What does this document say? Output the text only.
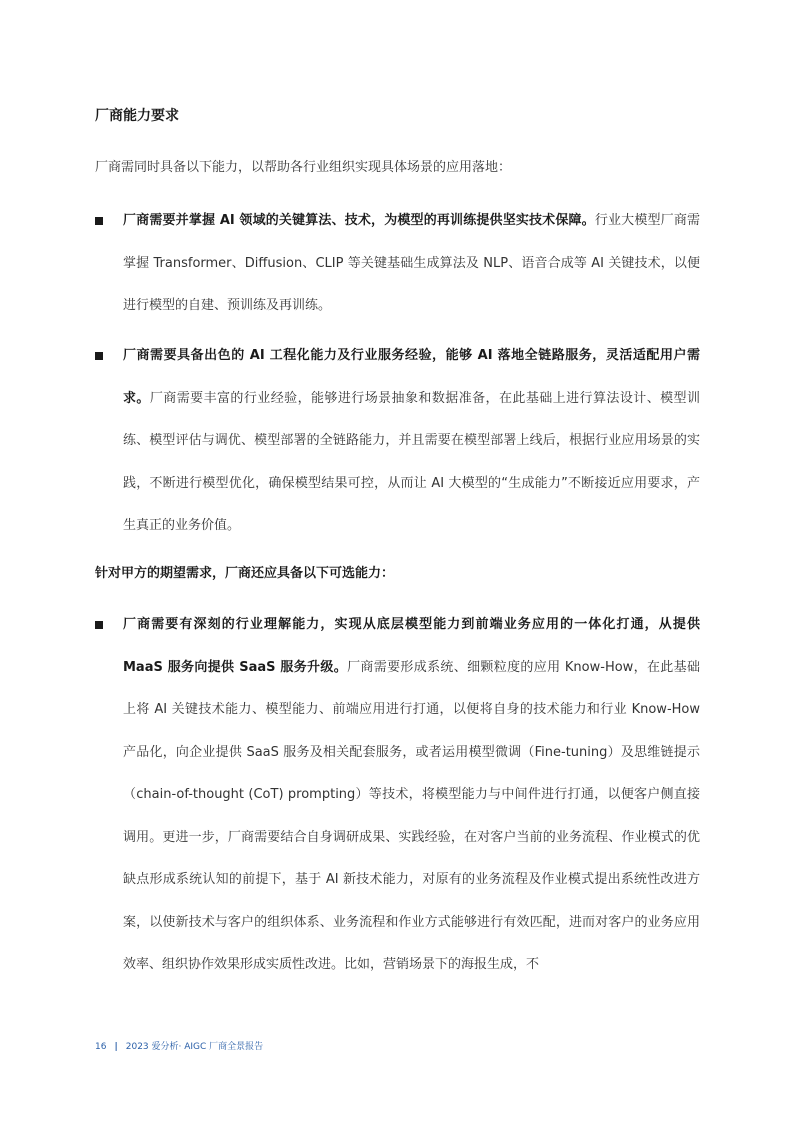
厂商能力要求
厂商需同时具备以下能力，以帮助各行业组织实现具体场景的应用落地：
厂商需要并掌握 AI 领域的关键算法、技术，为模型的再训练提供坚实技术保障。行业大模型厂商需掌握 Transformer、Diffusion、CLIP 等关键基础生成算法及 NLP、语音合成等 AI 关键技术，以便进行模型的自建、预训练及再训练。
厂商需要具备出色的 AI 工程化能力及行业服务经验，能够 AI 落地全链路服务，灵活适配用户需求。厂商需要丰富的行业经验，能够进行场景抽象和数据准备，在此基础上进行算法设计、模型训练、模型评估与调优、模型部署的全链路能力，并且需要在模型部署上线后，根据行业应用场景的实践，不断进行模型优化，确保模型结果可控，从而让 AI 大模型的“生成能力”不断接近应用要求，产生真正的业务价值。
针对甲方的期望需求，厂商还应具备以下可选能力：
厂商需要有深刻的行业理解能力，实现从底层模型能力到前端业务应用的一体化打通，从提供 MaaS 服务向提供 SaaS 服务升级。厂商需要形成系统、细颗粒度的应用 Know-How，在此基础上将 AI 关键技术能力、模型能力、前端应用进行打通，以便将自身的技术能力和行业 Know-How 产品化，向企业提供 SaaS 服务及相关配套服务，或者运用模型微调（Fine-tuning）及思维链提示（chain-of-thought (CoT) prompting）等技术，将模型能力与中间件进行打通，以便客户侧直接调用。更进一步，厂商需要结合自身调研成果、实践经验，在对客户当前的业务流程、作业模式的优缺点形成系统认知的前提下，基于 AI 新技术能力，对原有的业务流程及作业模式提出系统性改进方案，以使新技术与客户的组织体系、业务流程和作业方式能够进行有效匹配，进而对客户的业务应用效率、组织协作效果形成实质性改进。比如，营销场景下的海报生成，不
16 | 2023 爱分析· AIGC 厂商全景报告
